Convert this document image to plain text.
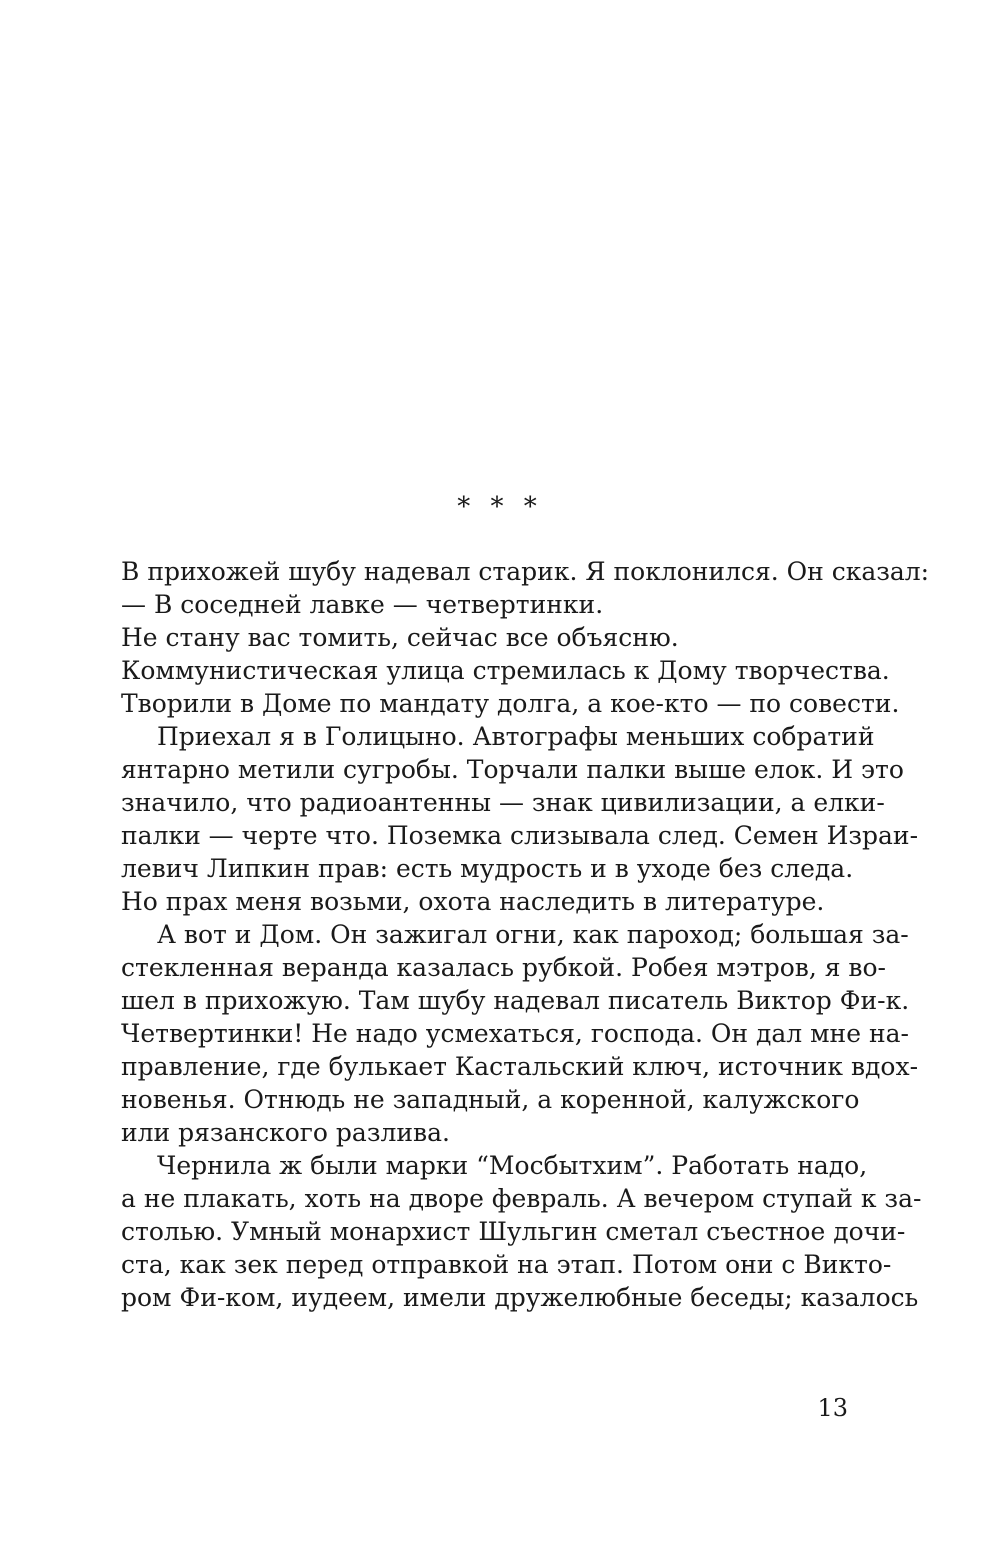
* * *
В прихожей шубу надевал старик. Я поклонился. Он сказал:
— В соседней лавке — четвертинки.
Не стану вас томить, сейчас все объясню.
Коммунистическая улица стремилась к Дому творчества.
Творили в Доме по мандату долга, а кое-кто — по совести.
Приехал я в Голицыно. Автографы меньших собратий
янтарно метили сугробы. Торчали палки выше елок. И это
значило, что радиоантенны — знак цивилизации, а елки-
палки — черте что. Поземка слизывала след. Семен Израи-
левич Липкин прав: есть мудрость и в уходе без следа.
Но прах меня возьми, охота наследить в литературе.
А вот и Дом. Он зажигал огни, как пароход; большая за-
стекленная веранда казалась рубкой. Робея мэтров, я во-
шел в прихожую. Там шубу надевал писатель Виктор Фи-к.
Четвертинки! Не надо усмехаться, господа. Он дал мне на-
правление, где булькает Кастальский ключ, источник вдох-
новенья. Отнюдь не западный, а коренной, калужского
или рязанского разлива.
Чернила ж были марки “Мосбытхим”. Работать надо,
а не плакать, хоть на дворе февраль. А вечером ступай к за-
столью. Умный монархист Шульгин сметал съестное дочи-
ста, как зек перед отправкой на этап. Потом они с Викто-
ром Фи-ком, иудеем, имели дружелюбные беседы; казалось
13
